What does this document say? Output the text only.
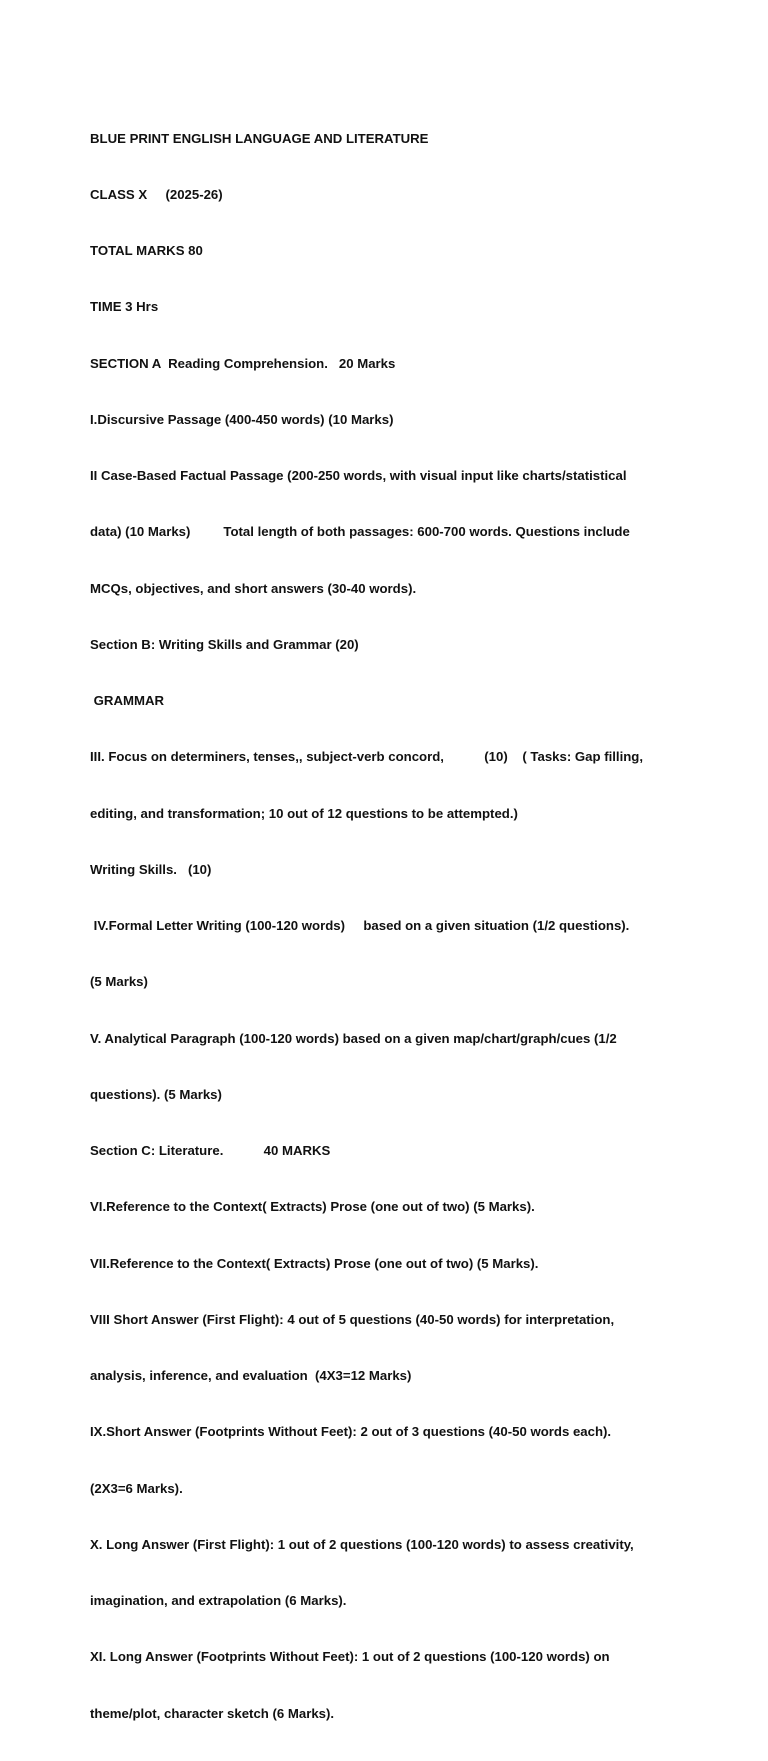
BLUE PRINT ENGLISH LANGUAGE AND LITERATURE

CLASS X     (2025-26)

TOTAL MARKS 80

TIME 3 Hrs

SECTION A  Reading Comprehension.   20 Marks

I.Discursive Passage (400-450 words) (10 Marks)

II Case-Based Factual Passage (200-250 words, with visual input like charts/statistical

data) (10 Marks)         Total length of both passages: 600-700 words. Questions include

MCQs, objectives, and short answers (30-40 words).

Section B: Writing Skills and Grammar (20)

GRAMMAR

III. Focus on determiners, tenses,, subject-verb concord,           (10)    ( Tasks: Gap filling,

editing, and transformation; 10 out of 12 questions to be attempted.)

Writing Skills.   (10)

IV.Formal Letter Writing (100-120 words)     based on a given situation (1/2 questions).

(5 Marks)

V. Analytical Paragraph (100-120 words) based on a given map/chart/graph/cues (1/2

questions). (5 Marks)

Section C: Literature.           40 MARKS

VI.Reference to the Context( Extracts) Prose (one out of two) (5 Marks).

VII.Reference to the Context( Extracts) Prose (one out of two) (5 Marks).

VIII Short Answer (First Flight): 4 out of 5 questions (40-50 words) for interpretation,

analysis, inference, and evaluation  (4X3=12 Marks)

IX.Short Answer (Footprints Without Feet): 2 out of 3 questions (40-50 words each).

(2X3=6 Marks).

X. Long Answer (First Flight): 1 out of 2 questions (100-120 words) to assess creativity,

imagination, and extrapolation (6 Marks).

XI. Long Answer (Footprints Without Feet): 1 out of 2 questions (100-120 words) on

theme/plot, character sketch (6 Marks).
